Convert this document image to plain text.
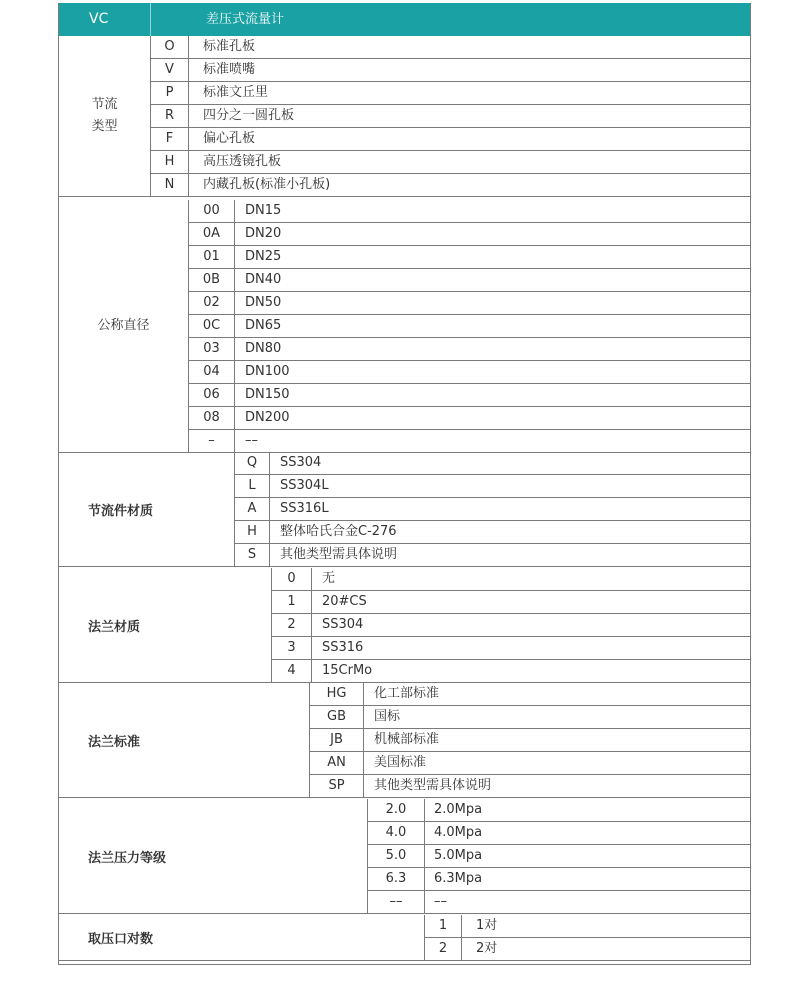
VC	差压式流量计
节流
类型
O	标准孔板
V	标准喷嘴
P	标准文丘里
R	四分之一圆孔板
F	偏心孔板
H	高压透镜孔板
N	内藏孔板(标准小孔板)
公称直径
00	DN15
0A	DN20
01	DN25
0B	DN40
02	DN50
0C	DN65
03	DN80
04	DN100
06	DN150
08	DN200
–	––
节流件材质
Q	SS304
L	SS304L
A	SS316L
H	整体哈氏合金C-276
S	其他类型需具体说明
法兰材质
0	无
1	20#CS
2	SS304
3	SS316
4	15CrMo
法兰标准
HG	化工部标准
GB	国标
JB	机械部标准
AN	美国标准
SP	其他类型需具体说明
法兰压力等级
2.0	2.0Mpa
4.0	4.0Mpa
5.0	5.0Mpa
6.3	6.3Mpa
––	––
取压口对数
1	1对
2	2对
